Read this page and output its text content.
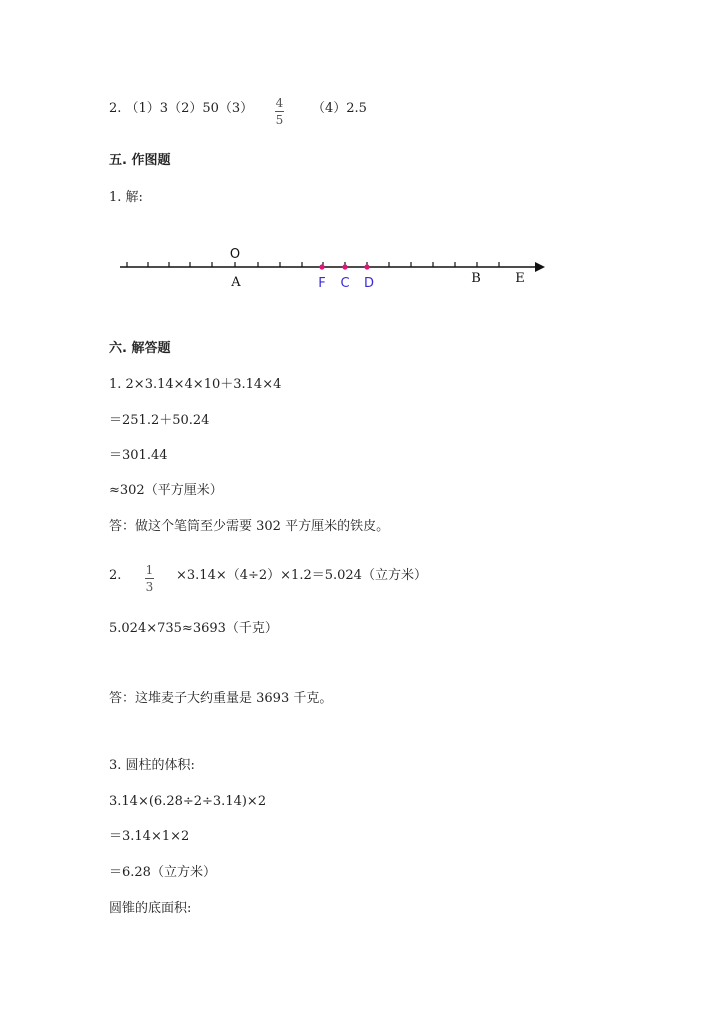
2. （1）3（2）50（3） 4
5
（4）2.5
五. 作图题
1. 解:
O
A	F C D	B	E
六. 解答题
1. 2×3.14×4×10＋3.14×4
＝251.2＋50.24
＝301.44
≈302（平方厘米）
答：做这个笔筒至少需要 302 平方厘米的铁皮。
2. 1
3
×3.14×（4÷2）×1.2＝5.024（立方米）
5.024×735≈3693（千克）
答：这堆麦子大约重量是 3693 千克。
3. 圆柱的体积:
3.14×(6.28÷2÷3.14)×2
＝3.14×1×2
＝6.28（立方米）
圆锥的底面积:
